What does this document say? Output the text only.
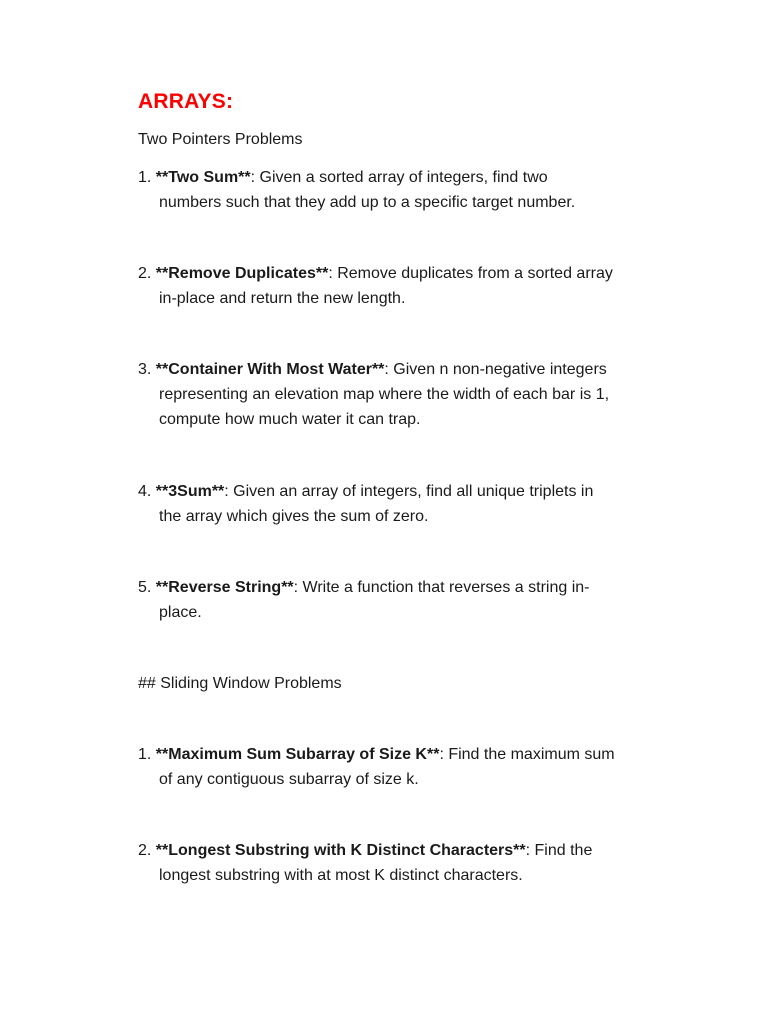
ARRAYS:
Two Pointers Problems
1. **Two Sum**: Given a sorted array of integers, find two
numbers such that they add up to a specific target number.
2. **Remove Duplicates**: Remove duplicates from a sorted array
in-place and return the new length.
3. **Container With Most Water**: Given n non-negative integers
representing an elevation map where the width of each bar is 1,
compute how much water it can trap.
4. **3Sum**: Given an array of integers, find all unique triplets in
the array which gives the sum of zero.
5. **Reverse String**: Write a function that reverses a string in-
place.
## Sliding Window Problems
1. **Maximum Sum Subarray of Size K**: Find the maximum sum
of any contiguous subarray of size k.
2. **Longest Substring with K Distinct Characters**: Find the
longest substring with at most K distinct characters.
